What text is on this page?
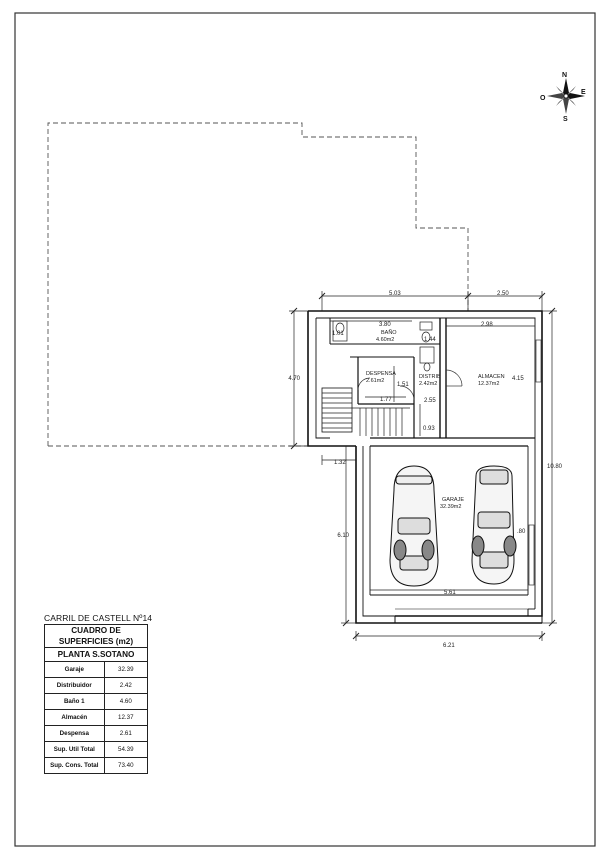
N
S
E
O
5.03	2.50
4.70
6.10
10.80
6.21
5.61
1.32
2.98
4.15
3.80
1.01
1.44
1.77
1.51
2.55
0.93
.80
BAÑO
4.60m2
DESPENSA
2.61m2
DISTRIB
2.42m2
ALMACEN
12.37m2
GARAJE
32.39m2
CARRIL DE CASTELL Nº14
CUADRO DE SUPERFICIES (m2)	
PLANTA S.SOTANO	
Garaje	32.39
Distribuidor	2.42
Baño 1	4.60
Almacén	12.37
Despensa	2.61
Sup. Util Total	54.39
Sup. Cons. Total	73.40
